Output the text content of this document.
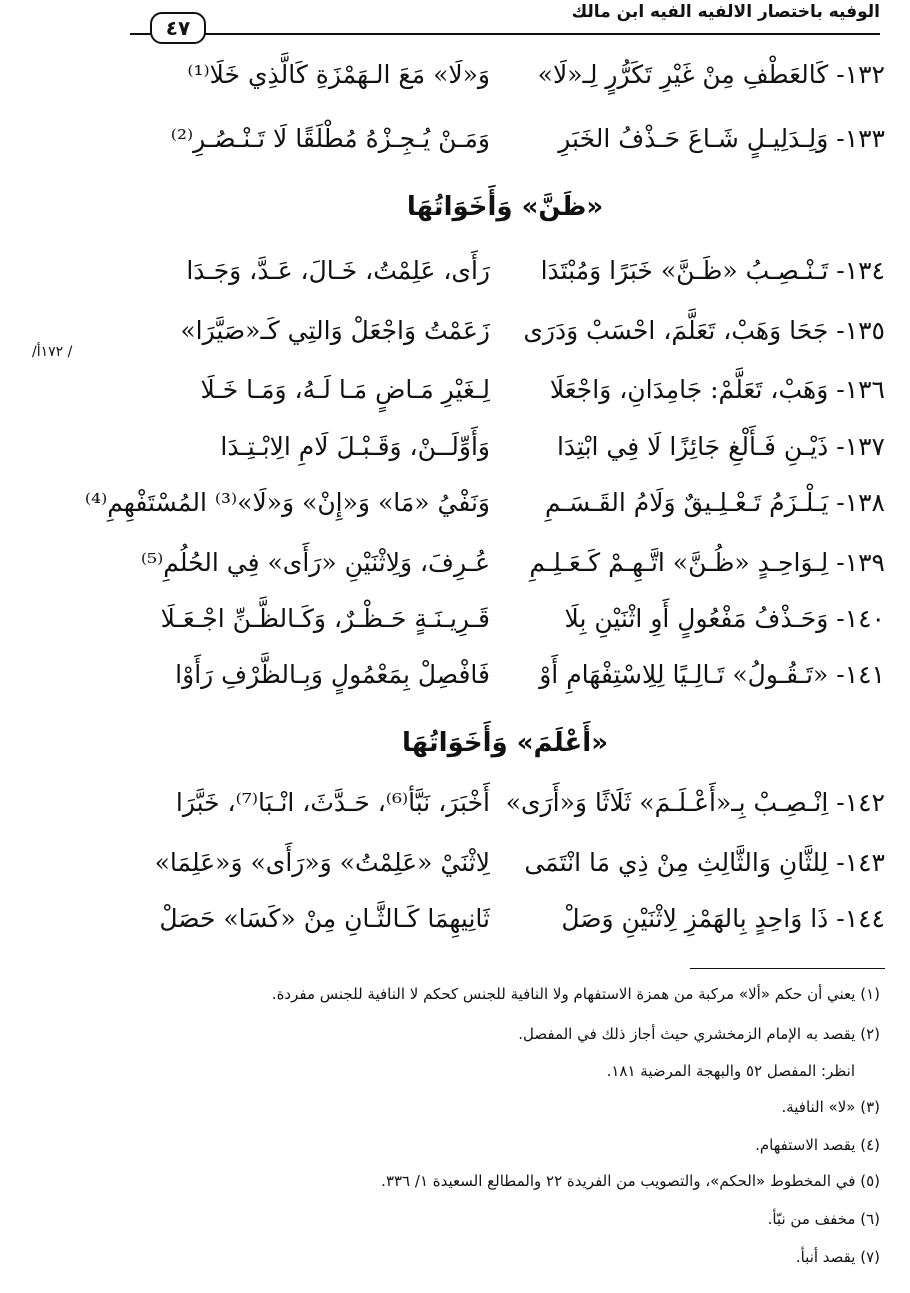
الوفيه باختصار الالفيه الفيه ابن مالك
٤٧
/١٧٢أ /
١٣٢- كَالعَطْفِ مِنْ غَيْرِ تَكَرُّرٍ لِـ«لَا»
وَ«لَا» مَعَ الـهَمْزَةِ كَالَّذِي خَلَا⁽¹⁾
١٣٣- وَلِـدَلِيـلٍ شَـاعَ حَـذْفُ الخَبَرِ
وَمَـنْ يُـجِـزْهُ مُطْلَقًا لَا تَـنْـصُـرِ⁽²⁾
«ظَنَّ» وَأَخَوَاتُهَا
١٣٤- تَـنْـصِـبُ «ظَـنَّ» خَبَرًا وَمُبْتَدَا
رَأَى، عَلِمْتُ، خَـالَ، عَـدَّ، وَجَـدَا
١٣٥- جَحَا وَهَبْ، تَعَلَّمَ، احْسَبْ وَدَرَى
زَعَمْتُ وَاجْعَلْ وَالتِي كَـ«صَيَّرَا»
١٣٦- وَهَبْ، تَعَلَّمْ: جَامِدَانِ، وَاجْعَلَا
لِـغَيْرِ مَـاضٍ مَـا لَـهُ، وَمَـا خَـلَا
١٣٧- ذَيْـنِ فَـأَلْغِ جَائِزًا لَا فِي ابْتِدَا
وَأَوِّلَــنْ، وَقَـبْـلَ لَامِ الِابْـتِـدَا
١٣٨- يَـلْـزَمُ تَـعْـلِـيقٌ وَلَامُ القَـسَـمِ
وَنَفْيُ «مَا» وَ«إِنْ» وَ«لَا»⁽³⁾ المُسْتَفْهِمِ⁽⁴⁾
١٣٩- لِـوَاحِـدٍ «ظُـنَّ» اتَّـهِـمْ كَـعَـلِـمِ
عُـرِفَ، وَلِاثْنَيْنِ «رَأَى» فِي الحُلُمِ⁽⁵⁾
١٤٠- وَحَـذْفُ مَفْعُولٍ أَوِ اثْنَيْنِ بِلَا
قَـرِيـنَـةٍ حَـظْـرٌ، وَكَـالظَّـنِّ اجْـعَـلَا
١٤١- «تَـقُـولُ» تَـالِـيًا لِلِاسْتِفْهَامِ أَوْ
فَافْصِلْ بِمَعْمُولٍ وَبِـالظَّرْفِ رَأَوْا
«أَعْلَمَ» وَأَخَوَاتُهَا
١٤٢- اِنْـصِـبْ بِـ«أَعْـلَـمَ» ثَلَاثًا وَ«أَرَى»
أَخْبَرَ، نَبَّأ⁽⁶⁾، حَـدَّثَ، انْـبَا⁽⁷⁾، خَبَّرَا
١٤٣- لِلثَّانِ وَالثَّالِثِ مِنْ ذِي مَا انْتَمَى
لِاثْنَيْ «عَلِمْتُ» وَ«رَأَى» وَ«عَلِمَا»
١٤٤- ذَا وَاحِدٍ بِالهَمْزِ لِاثْنَيْنِ وَصَلْ
ثَانِيهِمَا كَـالثَّـانِ مِنْ «كَسَا» حَصَلْ
(١) يعني أن حكم «ألا» مركبة من همزة الاستفهام ولا النافية للجنس كحكم لا النافية للجنس مفردة.
(٢) يقصد به الإمام الزمخشري حيث أجاز ذلك في المفصل.
انظر: المفصل ٥٢ والبهجة المرضية ١٨١.
(٣) «لا» النافية.
(٤) يقصد الاستفهام.
(٥) في المخطوط «الحكم»، والتصويب من الفريدة ٢٢ والمطالع السعيدة ١/ ٣٣٦.
(٦) مخفف من نبّأ.
(٧) يقصد أنبأ.
